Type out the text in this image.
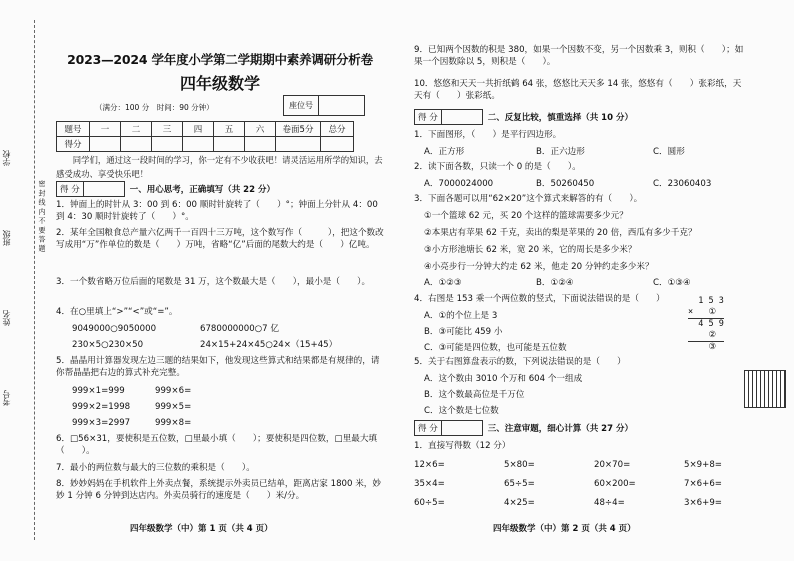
学校
班级
姓名
考号
密 封 线 内 不 要 答 题
2023—2024 学年度小学第二学期期中素养调研分析卷
四年级数学
（满分：100 分　时间：90 分钟）	座位号
题号	一	二	三	四	五	六	卷面5分	总分
得分								
同学们，通过这一段时间的学习，你一定有不少收获吧！请灵活运用所学的知识，去感受成功、享受快乐吧！
得 分	一、用心思考，正确填写（共 22 分）
1．钟面上的时针从 3：00 到 6：00 顺时针旋转了（　　）°；钟面上分针从 4：00 到 4：30 顺时针旋转了（　　）°。
2．某年全国粮食总产量六亿两千一百四十三万吨，这个数写作（　　　），把这个数改写成用“万”作单位的数是（　　）万吨，省略“亿”后面的尾数大约是（　　）亿吨。
3．一个数省略万位后面的尾数是 31 万，这个数最大是（　　），最小是（　　）。
4．在○里填上“>”“<”或“=”。
9049000○9050000	6780000000○7 亿
230×5○230×50	24×15+24×45○24×（15+45）
5．晶晶用计算器发现左边三题的结果如下，他发现这些算式和结果都是有规律的，请你帮晶晶把右边的算式补充完整。
999×1=999
999×2=1998
999×3=2997
999×6=
999×5=
999×8=
6．□56×31，要使积是五位数，□里最小填（　　）；要使积是四位数，□里最大填（　　）。
7．最小的两位数与最大的三位数的乘积是（　　）。
8．妙妙妈妈在手机软件上外卖点餐，系统提示外卖员已结单，距离店家 1800 米，妙妙 1 分钟 6 分钟到达店内。外卖员骑行的速度是（　　）米/分。
四年级数学（中）第 1 页（共 4 页）
9．已知两个因数的积是 380，如果一个因数不变，另一个因数乘 3，则积（　　）；如果一个因数除以 5，则积是（　　）。
10．悠悠和天天一共折纸鹤 64 张，悠悠比天天多 14 张，悠悠有（　　）张彩纸，天天有（　　）张彩纸。
得 分	二、反复比较，慎重选择（共 10 分）
1．下面图形，（　　）是平行四边形。
A．正方形	B．正六边形	C．圆形
2．读下面各数，只读一个 0 的是（　　）。
A．7000024000	B．50260450	C．23060403
3．下面各题可以用“62×20”这个算式来解答的有（　　）。
①一个篮球 62 元，买 20 个这样的篮球需要多少元？
②本果店有苹果 62 千克，卖出的梨是苹果的 20 倍，西瓜有多少千克？
③小方形池塘长 62 米，宽 20 米，它的周长是多少米？
④小亮步行一分钟大约走 62 米，他走 20 分钟约走多少米？
A．①②③	B．①②④	C．①③④
4．右图是 153 乘一个两位数的竖式，下面说法错误的是（　　）
A．①的个位上是 3
B．③可能比 459 小
C．③可能是四位数，也可能是五位数
1 5 3
×   ①
4 5 9
②
③
5．关于右图算盘表示的数，下列说法错误的是（　　）
A．这个数由 3010 个万和 604 个一组成
B．这个数最高位是千万位
C．这个数是七位数
得 分	三、注意审题，细心计算（共 27 分）
1．直接写得数（12 分）
12×6=	5×80=	20×70=	5×9+8=
35×4=	65÷5=	60×200=	7×6+6=
60÷5=	4×25=	48÷4=	3×6+9=
四年级数学（中）第 2 页（共 4 页）
